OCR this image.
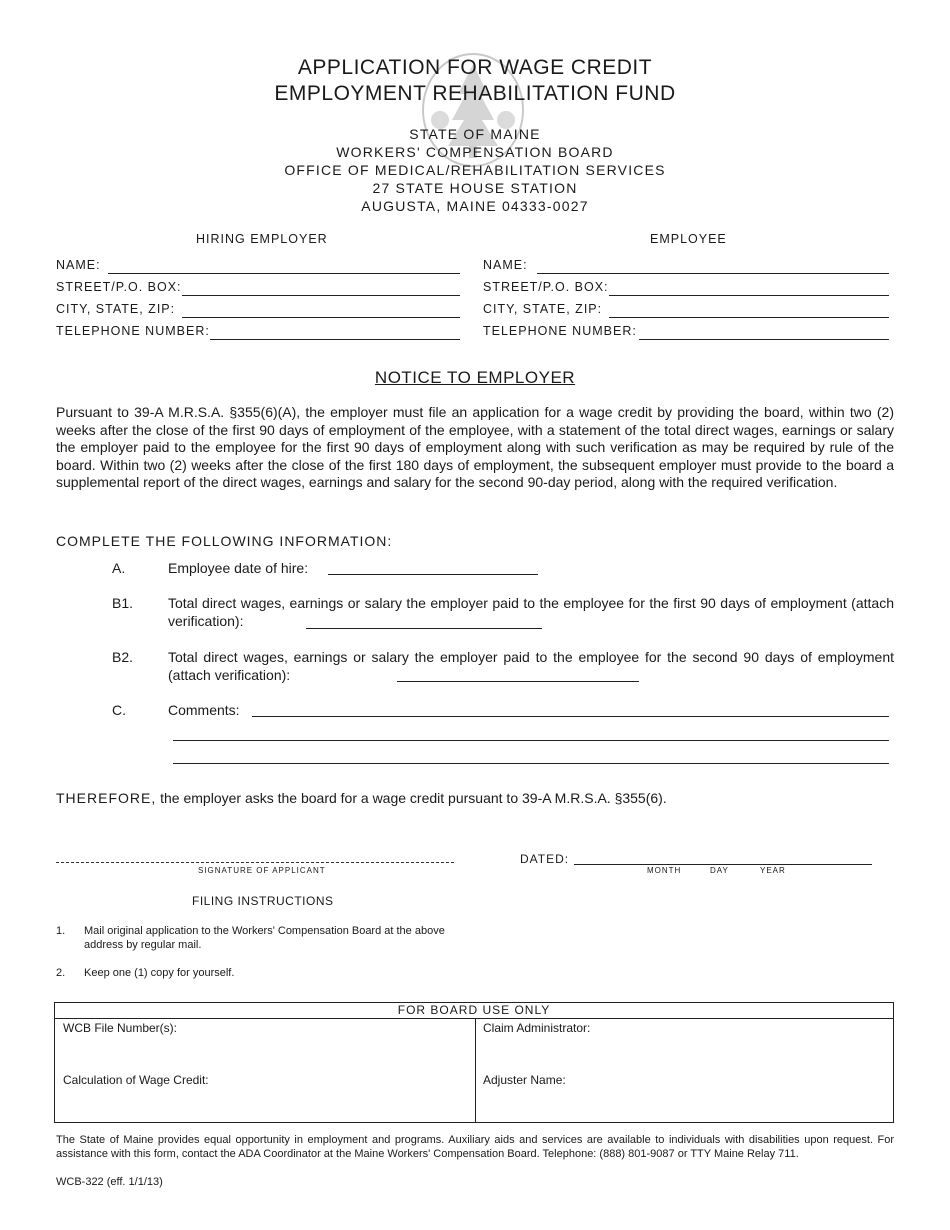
APPLICATION FOR WAGE CREDIT
EMPLOYMENT REHABILITATION FUND
STATE OF MAINE
WORKERS' COMPENSATION BOARD
OFFICE OF MEDICAL/REHABILITATION SERVICES
27 STATE HOUSE STATION
AUGUSTA, MAINE 04333-0027
HIRING EMPLOYER
NAME:
STREET/P.O. BOX:
CITY, STATE, ZIP:
TELEPHONE NUMBER:
EMPLOYEE
NAME:
STREET/P.O. BOX:
CITY, STATE, ZIP:
TELEPHONE NUMBER:
NOTICE TO EMPLOYER
Pursuant to 39-A M.R.S.A. §355(6)(A), the employer must file an application for a wage credit by providing the board, within two (2) weeks after the close of the first 90 days of employment of the employee, with a statement of the total direct wages, earnings or salary the employer paid to the employee for the first 90 days of employment along with such verification as may be required by rule of the board. Within two (2) weeks after the close of the first 180 days of employment, the subsequent employer must provide to the board a supplemental report of the direct wages, earnings and salary for the second 90-day period, along with the required verification.
COMPLETE THE FOLLOWING INFORMATION:
A.	Employee date of hire:
B1. Total direct wages, earnings or salary the employer paid to the employee for the first 90 days of employment (attach verification):
B2. Total direct wages, earnings or salary the employer paid to the employee for the second 90 days of employment (attach verification):
C.	Comments:
THEREFORE, the employer asks the board for a wage credit pursuant to 39-A M.R.S.A. §355(6).
SIGNATURE OF APPLICANT
DATED:
MONTH	DAY	YEAR
FILING INSTRUCTIONS
1. Mail original application to the Workers' Compensation Board at the above address by regular mail.
2. Keep one (1) copy for yourself.
FOR BOARD USE ONLY
WCB File Number(s):	Claim Administrator:
Calculation of Wage Credit:	Adjuster Name:
The State of Maine provides equal opportunity in employment and programs. Auxiliary aids and services are available to individuals with disabilities upon request. For assistance with this form, contact the ADA Coordinator at the Maine Workers' Compensation Board. Telephone: (888) 801-9087 or TTY Maine Relay 711.
WCB-322 (eff. 1/1/13)
